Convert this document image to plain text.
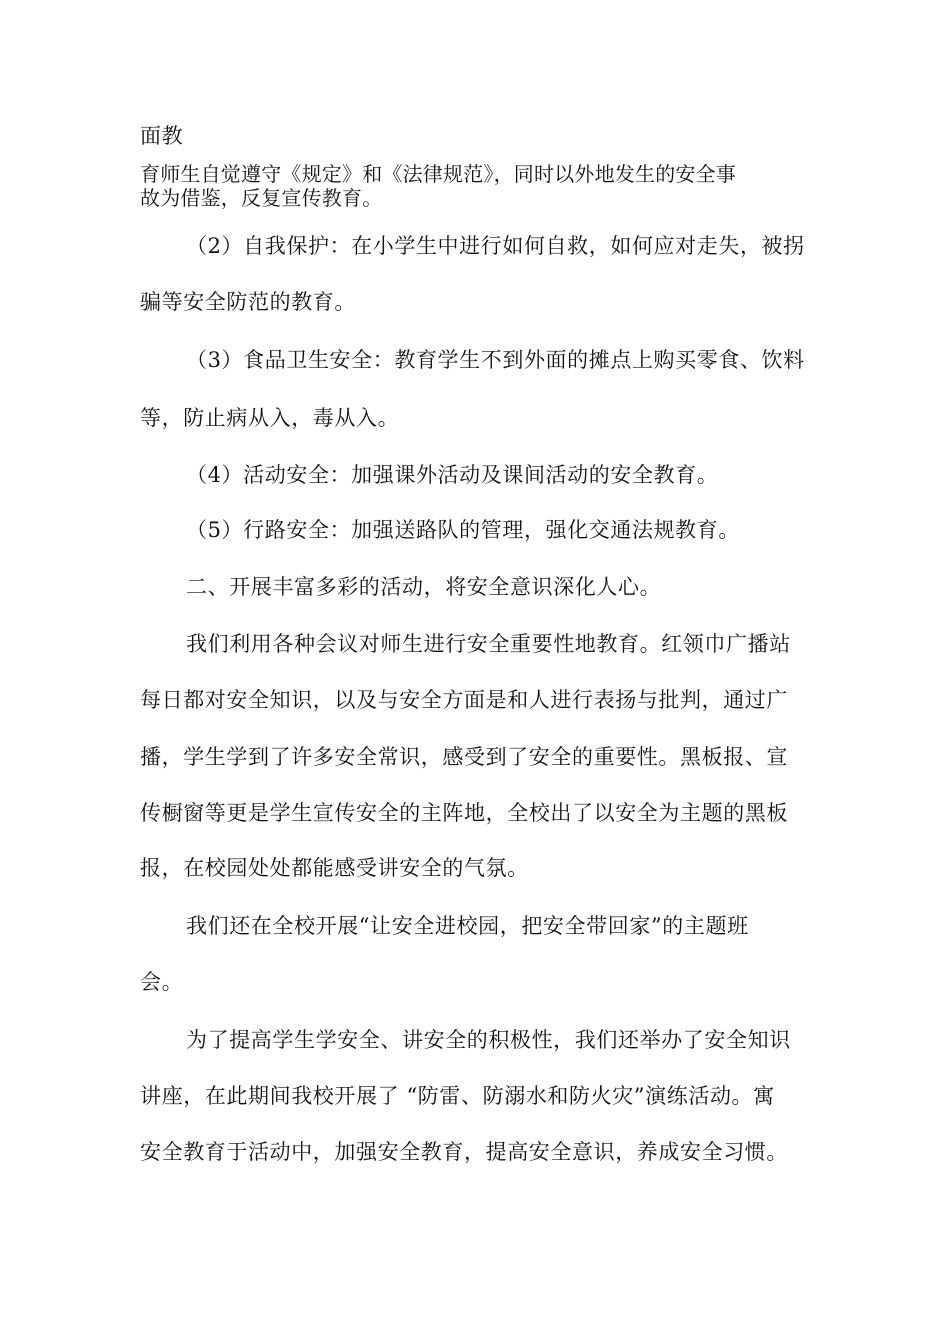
面教
育师生自觉遵守《规定》和《法律规范》，同时以外地发生的安全事
故为借鉴，反复宣传教育。
（2）自我保护：在小学生中进行如何自救，如何应对走失，被拐
骗等安全防范的教育。
（3）食品卫生安全：教育学生不到外面的摊点上购买零食、饮料
等，防止病从入，毒从入。
（4）活动安全：加强课外活动及课间活动的安全教育。
（5）行路安全：加强送路队的管理，强化交通法规教育。
二、开展丰富多彩的活动，将安全意识深化人心。
我们利用各种会议对师生进行安全重要性地教育。红领巾广播站
每日都对安全知识，以及与安全方面是和人进行表扬与批判，通过广
播，学生学到了许多安全常识，感受到了安全的重要性。黑板报、宣
传橱窗等更是学生宣传安全的主阵地，全校出了以安全为主题的黑板
报，在校园处处都能感受讲安全的气氛。
我们还在全校开展“让安全进校园，把安全带回家”的主题班
会。
为了提高学生学安全、讲安全的积极性，我们还举办了安全知识
讲座，在此期间我校开展了 “防雷、防溺水和防火灾”演练活动。寓
安全教育于活动中，加强安全教育，提高安全意识，养成安全习惯。
